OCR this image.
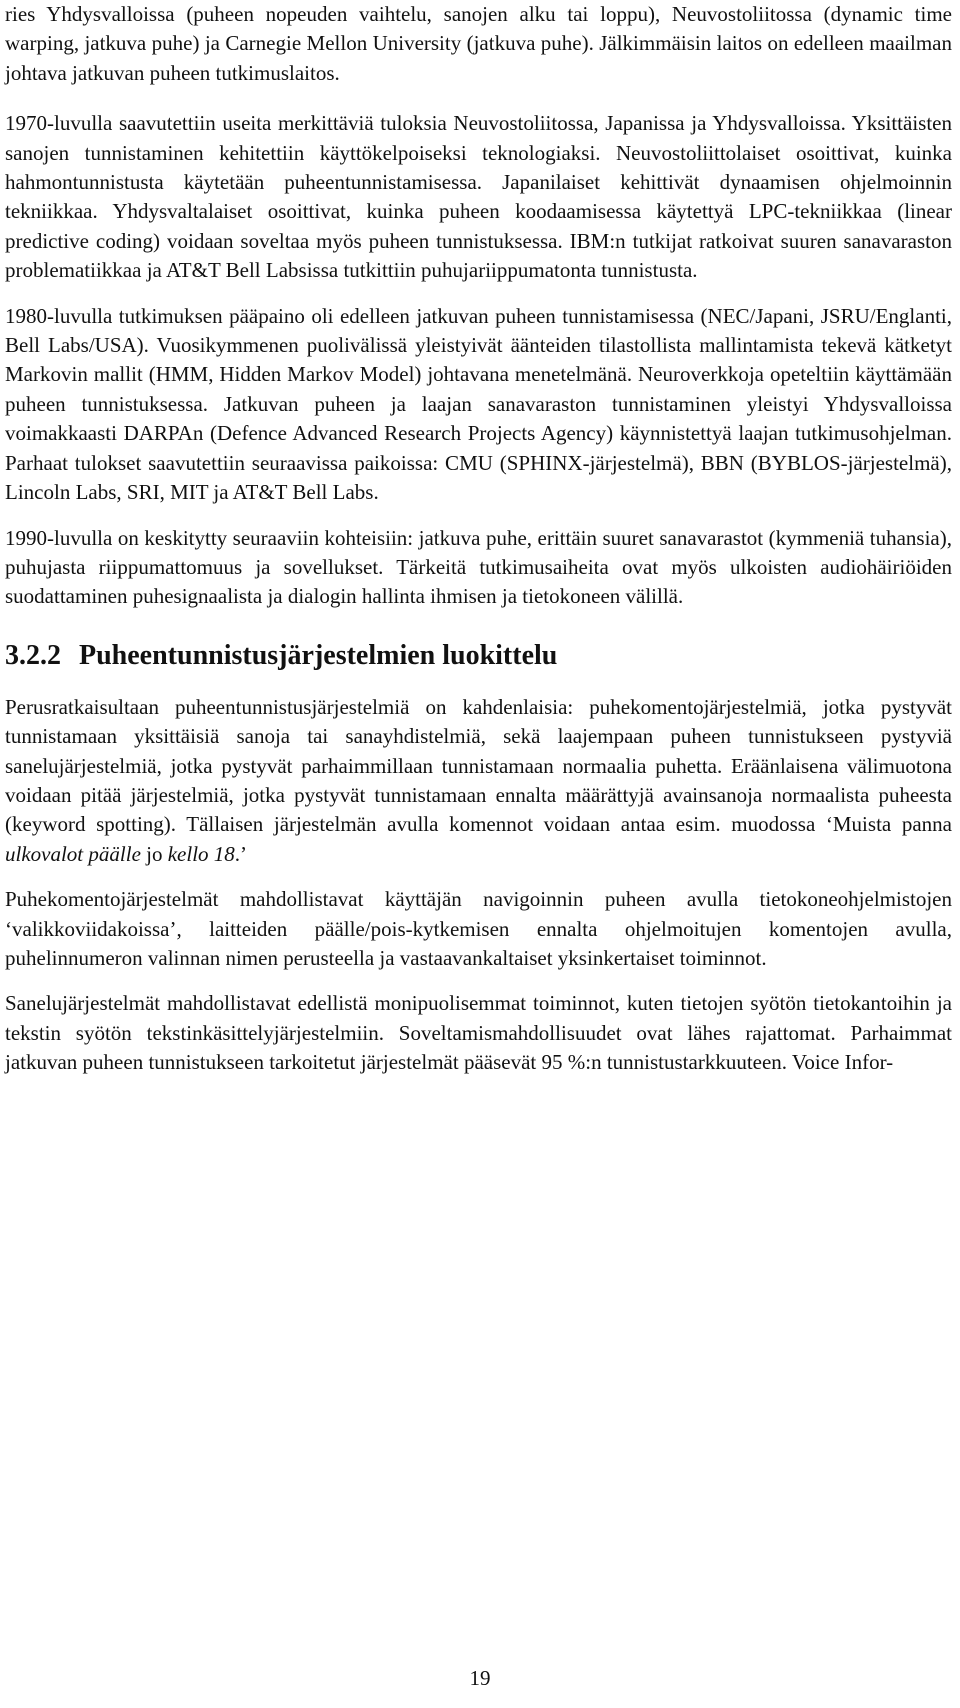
ries Yhdysvalloissa (puheen nopeuden vaihtelu, sanojen alku tai loppu), Neuvostoliitossa (dynamic time warping, jatkuva puhe) ja Carnegie Mellon University (jatkuva puhe). Jälkimmäisin laitos on edelleen maailman johtava jatkuvan puheen tutkimuslaitos.

1970-luvulla saavutettiin useita merkittäviä tuloksia Neuvostoliitossa, Japanissa ja Yhdysvalloissa. Yksittäisten sanojen tunnistaminen kehitettiin käyttökelpoiseksi teknologiaksi. Neuvostoliittolaiset osoittivat, kuinka hahmontunnistusta käytetään puheentunnistamisessa. Japanilaiset kehittivät dynaamisen ohjelmoinnin tekniikkaa. Yhdysvaltalaiset osoittivat, kuinka puheen koodaamisessa käytettyä LPC-tekniikkaa (linear predictive coding) voidaan soveltaa myös puheen tunnistuksessa. IBM:n tutkijat ratkoivat suuren sanavaraston problematiikkaa ja AT&T Bell Labsissa tutkittiin puhujariippumatonta tunnistusta.

1980-luvulla tutkimuksen pääpaino oli edelleen jatkuvan puheen tunnistamisessa (NEC/Japani, JSRU/Englanti, Bell Labs/USA). Vuosikymmenen puolivälissä yleistyivät äänteiden tilastollista mallintamista tekevä kätketyt Markovin mallit (HMM, Hidden Markov Model) johtavana menetelmänä. Neuroverkkoja opeteltiin käyttämään puheen tunnistuksessa. Jatkuvan puheen ja laajan sanavaraston tunnistaminen yleistyi Yhdysvalloissa voimakkaasti DARPAn (Defence Advanced Research Projects Agency) käynnistettyä laajan tutkimusohjelman. Parhaat tulokset saavutettiin seuraavissa paikoissa: CMU (SPHINX-järjestelmä), BBN (BYBLOS-järjestelmä), Lincoln Labs, SRI, MIT ja AT&T Bell Labs.

1990-luvulla on keskitytty seuraaviin kohteisiin: jatkuva puhe, erittäin suuret sanavarastot (kymmeniä tuhansia), puhujasta riippumattomuus ja sovellukset. Tärkeitä tutkimusaiheita ovat myös ulkoisten audiohäiriöiden suodattaminen puhesignaalista ja dialogin hallinta ihmisen ja tietokoneen välillä.

3.2.2 Puheentunnistusjärjestelmien luokittelu

Perusratkaisultaan puheentunnistusjärjestelmiä on kahdenlaisia: puhekomentojärjestelmiä, jotka pystyvät tunnistamaan yksittäisiä sanoja tai sanayhdistelmiä, sekä laajempaan puheen tunnistukseen pystyviä sanelujärjestelmiä, jotka pystyvät parhaimmillaan tunnistamaan normaalia puhetta. Eräänlaisena välimuotona voidaan pitää järjestelmiä, jotka pystyvät tunnistamaan ennalta määrättyjä avainsanoja normaalista puheesta (keyword spotting). Tällaisen järjestelmän avulla komennot voidaan antaa esim. muodossa ‘Muista panna ulkovalot päälle jo kello 18.’

Puhekomentojärjestelmät mahdollistavat käyttäjän navigoinnin puheen avulla tietokoneohjelmistojen ‘valikkoviidakoissa’, laitteiden päälle/pois-kytkemisen ennalta ohjelmoitujen komentojen avulla, puhelinnumeron valinnan nimen perusteella ja vastaavankaltaiset yksinkertaiset toiminnot.

Sanelujärjestelmät mahdollistavat edellistä monipuolisemmat toiminnot, kuten tietojen syötön tietokantoihin ja tekstin syötön tekstinkäsittelyjärjestelmiin. Soveltamismahdollisuudet ovat lähes rajattomat. Parhaimmat jatkuvan puheen tunnistukseen tarkoitetut järjestelmät pääsevät 95 %:n tunnistustarkkuuteen. Voice Infor-

19
